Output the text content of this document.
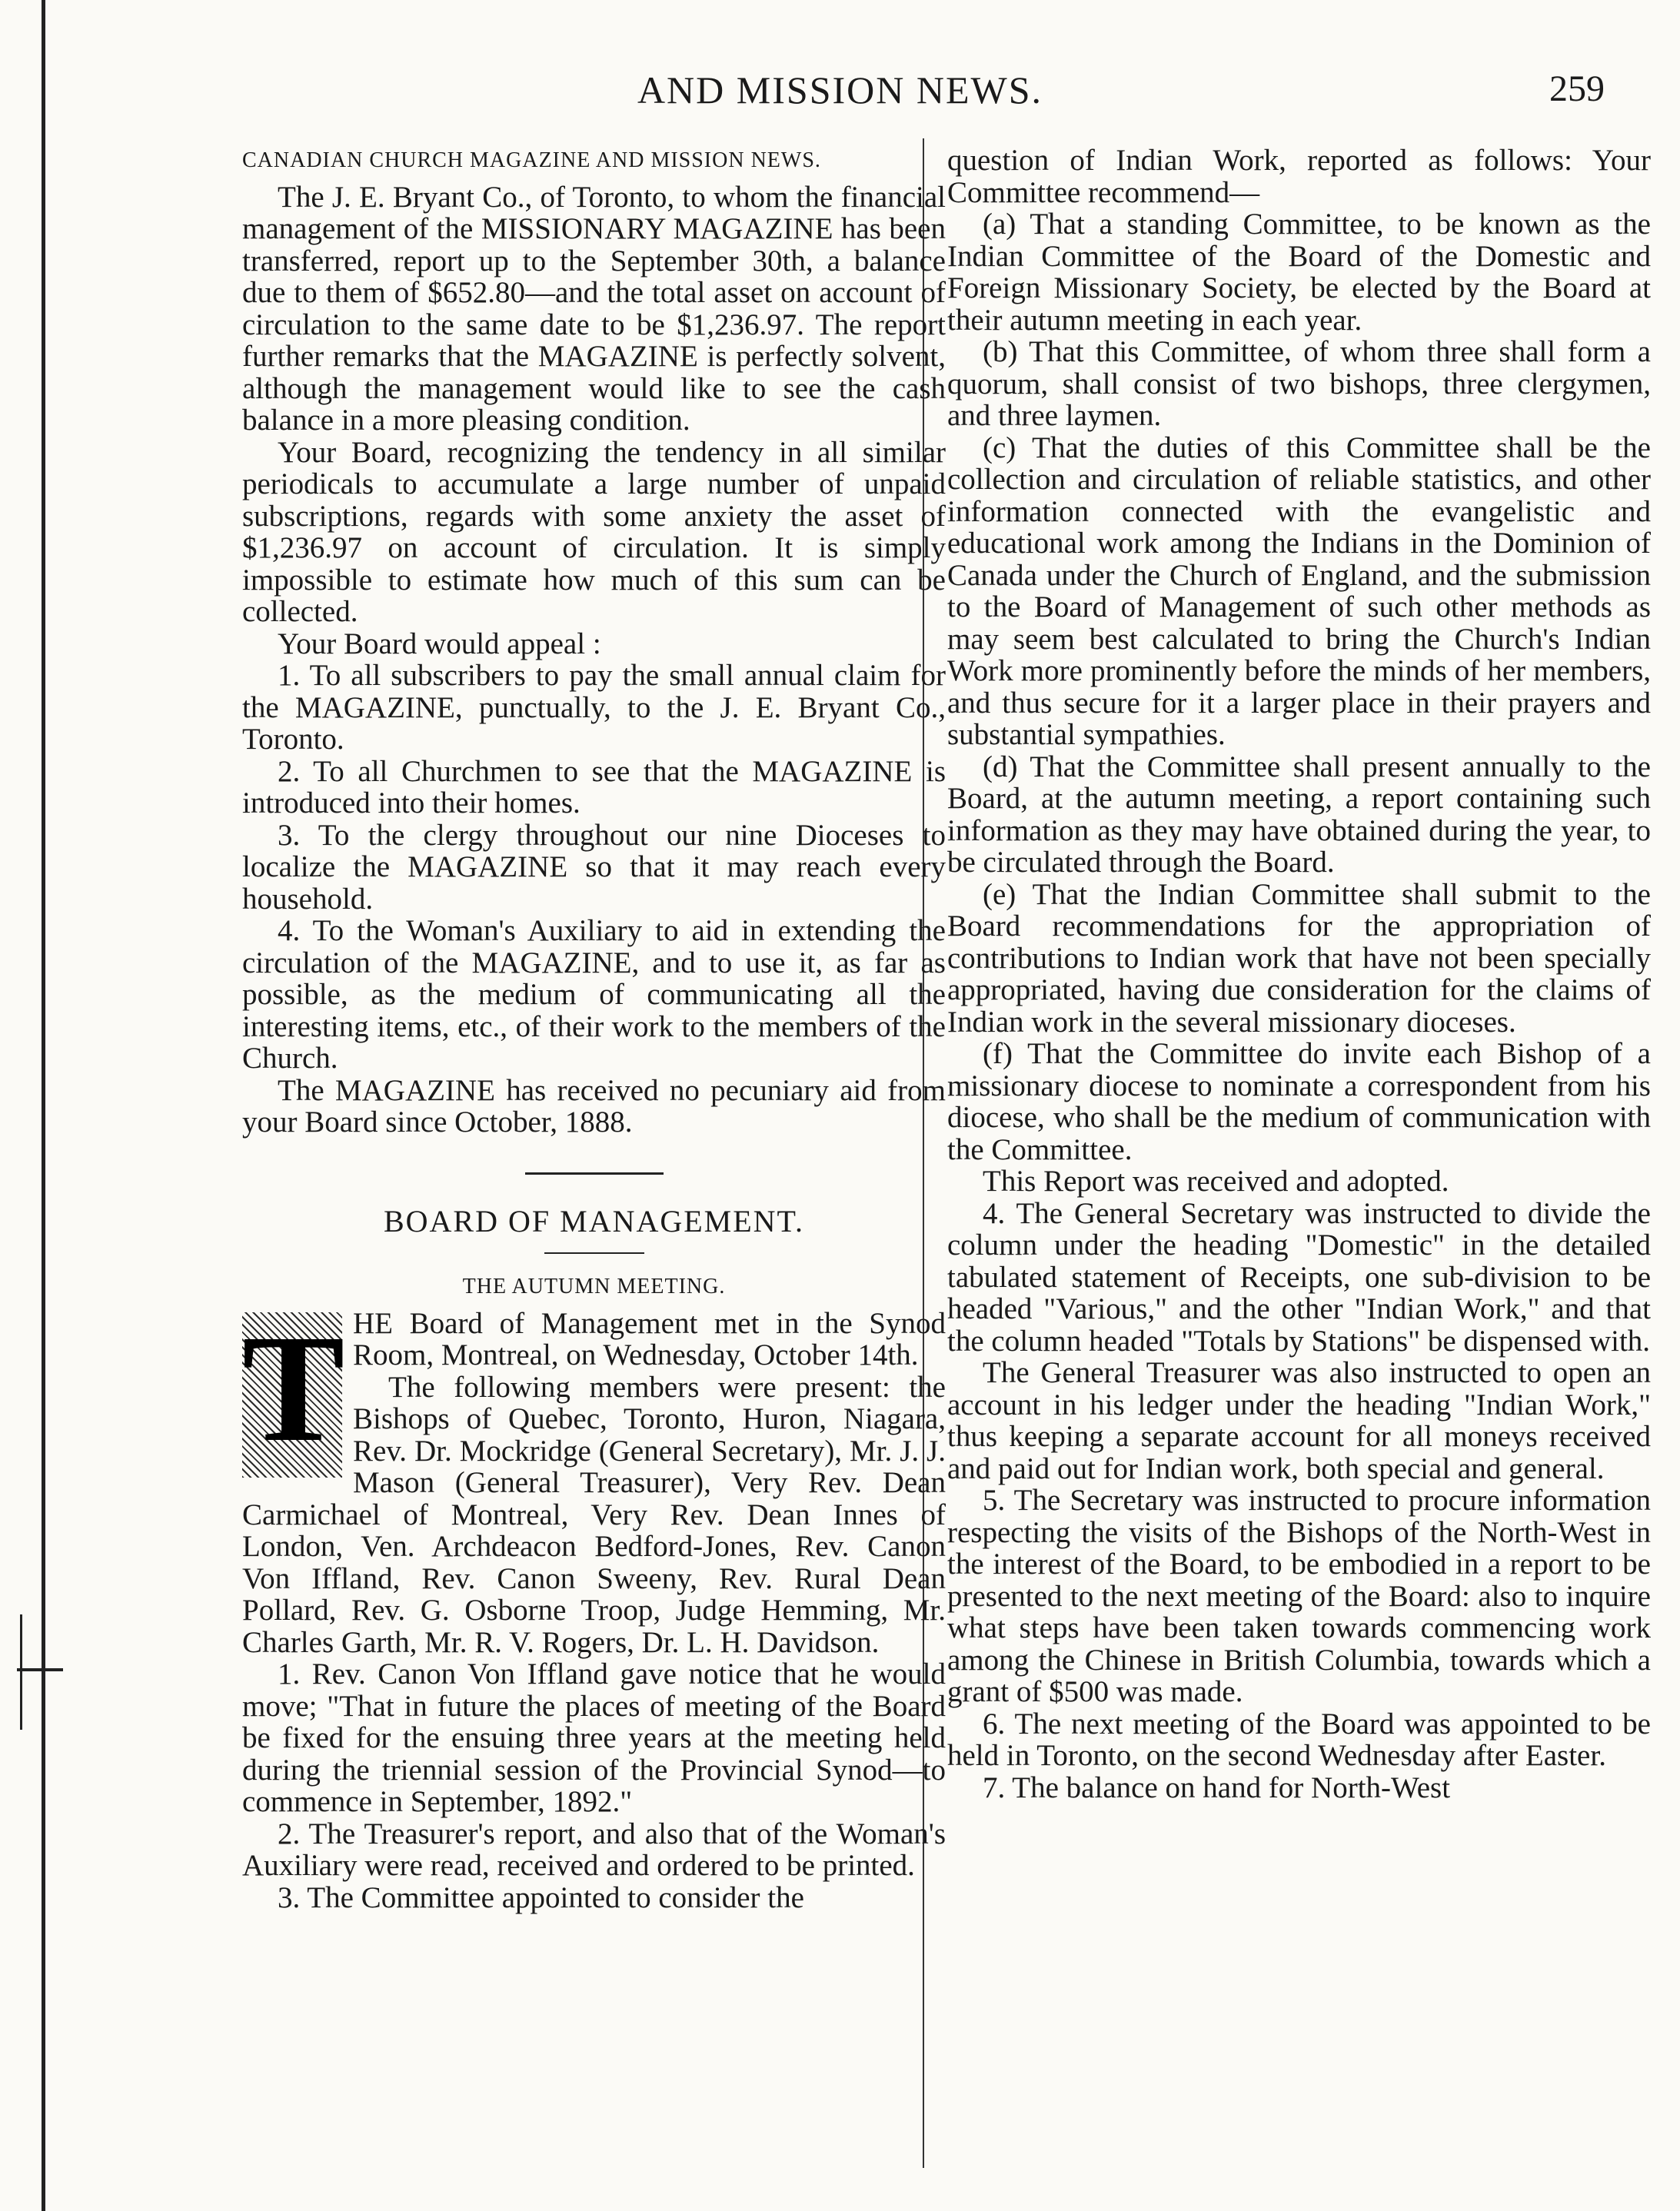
AND MISSION NEWS.	259

CANADIAN CHURCH MAGAZINE AND MISSION NEWS.

The J. E. Bryant Co., of Toronto, to whom the financial management of the MISSIONARY MAGAZINE has been transferred, report up to the September 30th, a balance due to them of $652.80—and the total asset on account of circulation to the same date to be $1,236.97. The report further remarks that the MAGAZINE is perfectly solvent, although the management would like to see the cash balance in a more pleasing condition.

Your Board, recognizing the tendency in all similar periodicals to accumulate a large number of unpaid subscriptions, regards with some anxiety the asset of $1,236.97 on account of circulation. It is simply impossible to estimate how much of this sum can be collected.

Your Board would appeal :

1. To all subscribers to pay the small annual claim for the MAGAZINE, punctually, to the J. E. Bryant Co., Toronto.

2. To all Churchmen to see that the MAGAZINE is introduced into their homes.

3. To the clergy throughout our nine Dioceses to localize the MAGAZINE so that it may reach every household.

4. To the Woman's Auxiliary to aid in extending the circulation of the MAGAZINE, and to use it, as far as possible, as the medium of communicating all the interesting items, etc., of their work to the members of the Church.

The MAGAZINE has received no pecuniary aid from your Board since October, 1888.

BOARD OF MANAGEMENT.

THE AUTUMN MEETING.

T HE Board of Management met in the Synod Room, Montreal, on Wednesday, October 14th.

The following members were present: the Bishops of Quebec, Toronto, Huron, Niagara, Rev. Dr. Mockridge (General Secretary), Mr. J. J. Mason (General Treasurer), Very Rev. Dean Carmichael of Montreal, Very Rev. Dean Innes of London, Ven. Archdeacon Bedford-Jones, Rev. Canon Von Iffland, Rev. Canon Sweeny, Rev. Rural Dean Pollard, Rev. G. Osborne Troop, Judge Hemming, Mr. Charles Garth, Mr. R. V. Rogers, Dr. L. H. Davidson.

1. Rev. Canon Von Iffland gave notice that he would move; "That in future the places of meeting of the Board be fixed for the ensuing three years at the meeting held during the triennial session of the Provincial Synod—to commence in September, 1892."

2. The Treasurer's report, and also that of the Woman's Auxiliary were read, received and ordered to be printed.

3. The Committee appointed to consider the

question of Indian Work, reported as follows: Your Committee recommend—

(a) That a standing Committee, to be known as the Indian Committee of the Board of the Domestic and Foreign Missionary Society, be elected by the Board at their autumn meeting in each year.

(b) That this Committee, of whom three shall form a quorum, shall consist of two bishops, three clergymen, and three laymen.

(c) That the duties of this Committee shall be the collection and circulation of reliable statistics, and other information connected with the evangelistic and educational work among the Indians in the Dominion of Canada under the Church of England, and the submission to the Board of Management of such other methods as may seem best calculated to bring the Church's Indian Work more prominently before the minds of her members, and thus secure for it a larger place in their prayers and substantial sympathies.

(d) That the Committee shall present annually to the Board, at the autumn meeting, a report containing such information as they may have obtained during the year, to be circulated through the Board.

(e) That the Indian Committee shall submit to the Board recommendations for the appropriation of contributions to Indian work that have not been specially appropriated, having due consideration for the claims of Indian work in the several missionary dioceses.

(f) That the Committee do invite each Bishop of a missionary diocese to nominate a correspondent from his diocese, who shall be the medium of communication with the Committee.

This Report was received and adopted.

4. The General Secretary was instructed to divide the column under the heading "Domestic" in the detailed tabulated statement of Receipts, one sub-division to be headed "Various," and the other "Indian Work," and that the column headed "Totals by Stations" be dispensed with.

The General Treasurer was also instructed to open an account in his ledger under the heading "Indian Work," thus keeping a separate account for all moneys received and paid out for Indian work, both special and general.

5. The Secretary was instructed to procure information respecting the visits of the Bishops of the North-West in the interest of the Board, to be embodied in a report to be presented to the next meeting of the Board: also to inquire what steps have been taken towards commencing work among the Chinese in British Columbia, towards which a grant of $500 was made.

6. The next meeting of the Board was appointed to be held in Toronto, on the second Wednesday after Easter.

7. The balance on hand for North-West
